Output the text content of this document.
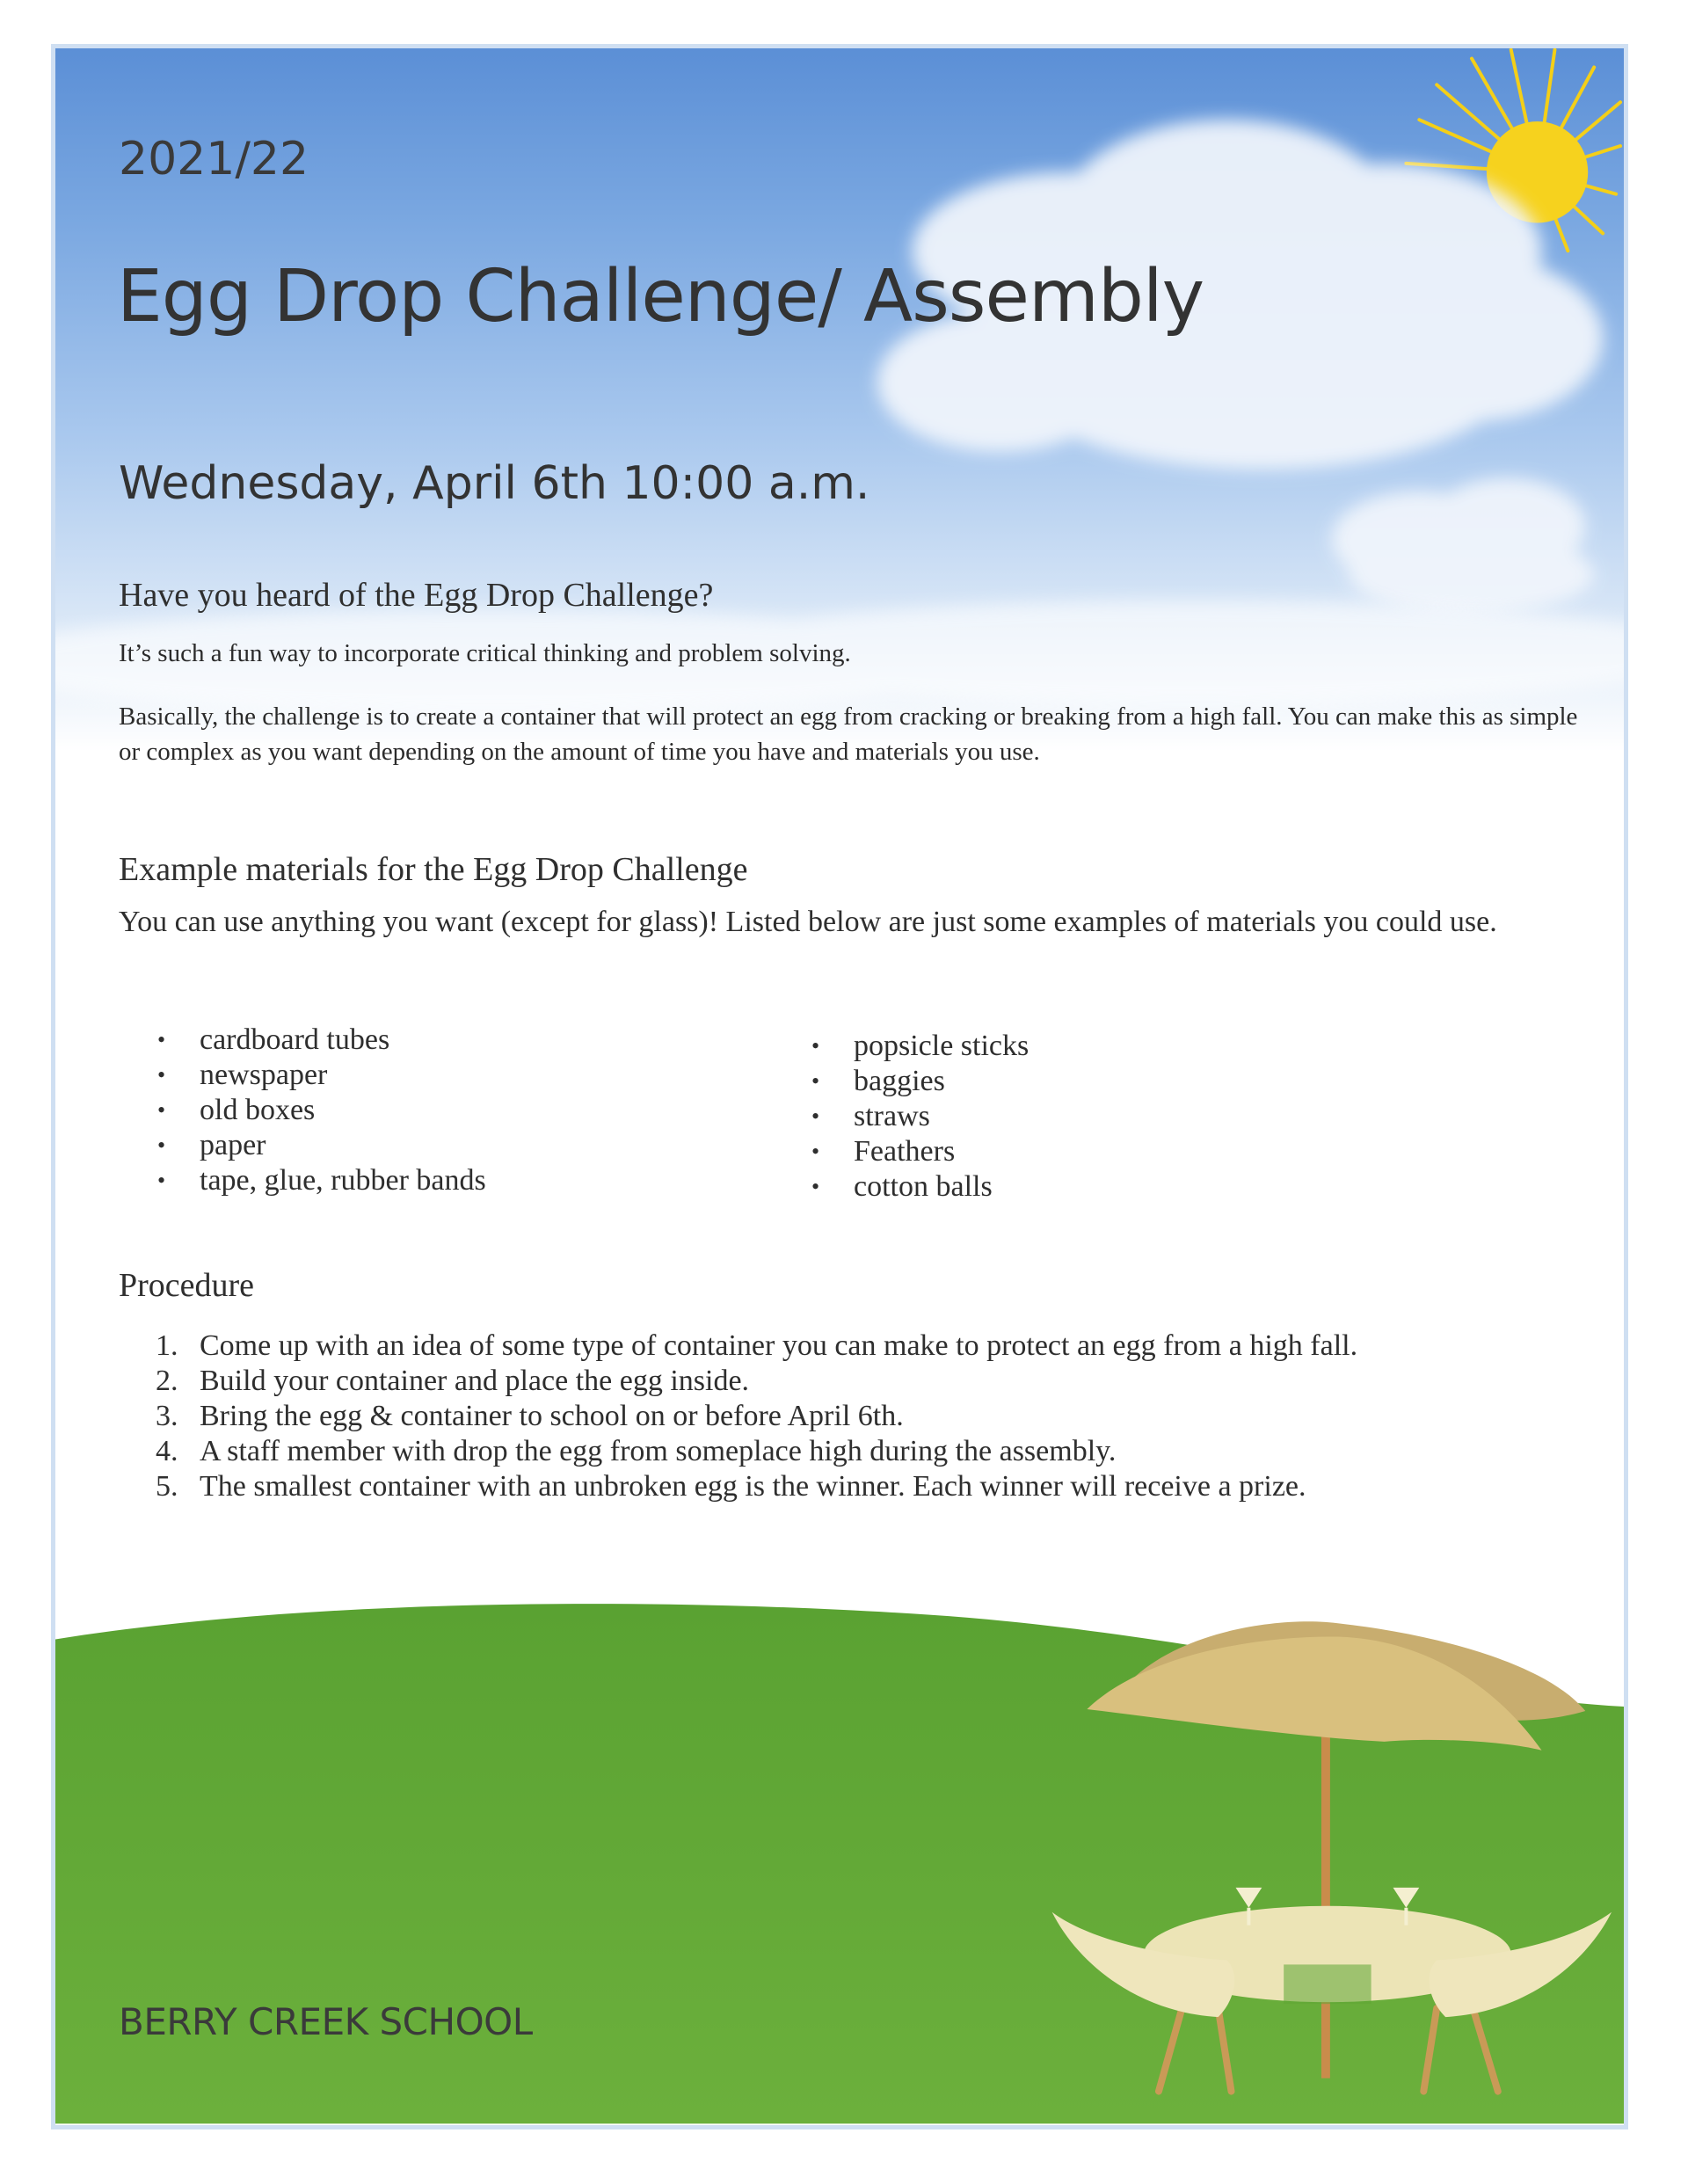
2021/22
Egg Drop Challenge/ Assembly
Wednesday, April 6th 10:00 a.m.
Have you heard of the Egg Drop Challenge?

It’s such a fun way to incorporate critical thinking and problem solving.

Basically, the challenge is to create a container that will protect an egg from cracking or breaking from a high fall. You can make this as simple or complex as you want depending on the amount of time you have and materials you use.

Example materials for the Egg Drop Challenge

You can use anything you want (except for glass)! Listed below are just some examples of materials you could use.

• cardboard tubes
• newspaper
• old boxes
• paper
• tape, glue, rubber bands
• popsicle sticks
• baggies
• straws
• Feathers
• cotton balls
Procedure
1. Come up with an idea of some type of container you can make to protect an egg from a high fall.
2. Build your container and place the egg inside.
3. Bring the egg & container to school on or before April 6th.
4. A staff member with drop the egg from someplace high during the assembly.
5. The smallest container with an unbroken egg is the winner. Each winner will receive a prize.
BERRY CREEK SCHOOL
